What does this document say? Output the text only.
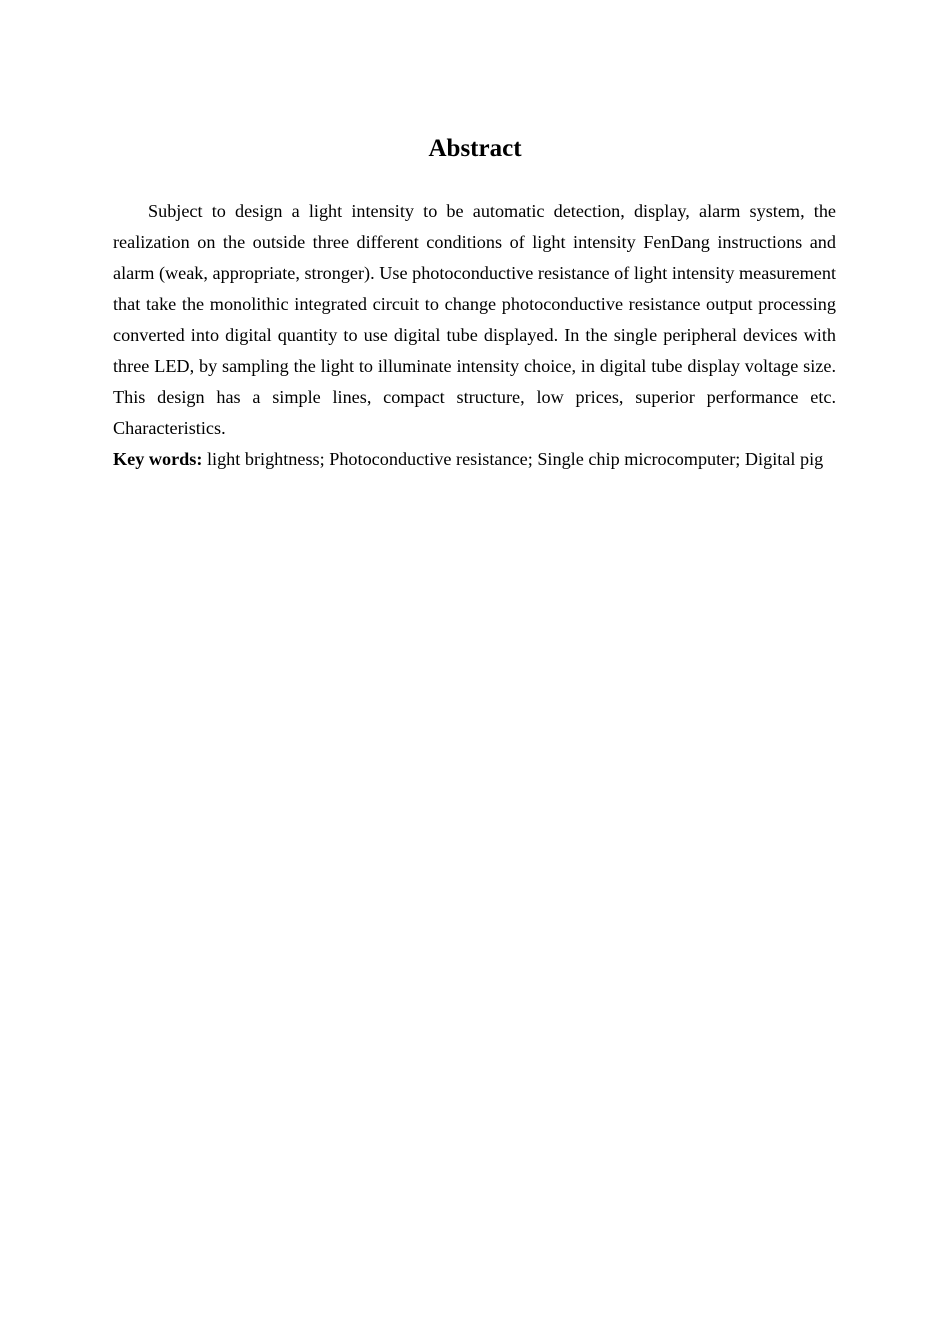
Abstract

Subject to design a light intensity to be automatic detection, display, alarm system, the realization on the outside three different conditions of light intensity FenDang instructions and alarm (weak, appropriate, stronger). Use photoconductive resistance of light intensity measurement that take the monolithic integrated circuit to change photoconductive resistance output processing converted into digital quantity to use digital tube displayed. In the single peripheral devices with three LED, by sampling the light to illuminate intensity choice, in digital tube display voltage size. This design has a simple lines, compact structure, low prices, superior performance etc. Characteristics.

Key words: light brightness; Photoconductive resistance; Single chip microcomputer; Digital pig
